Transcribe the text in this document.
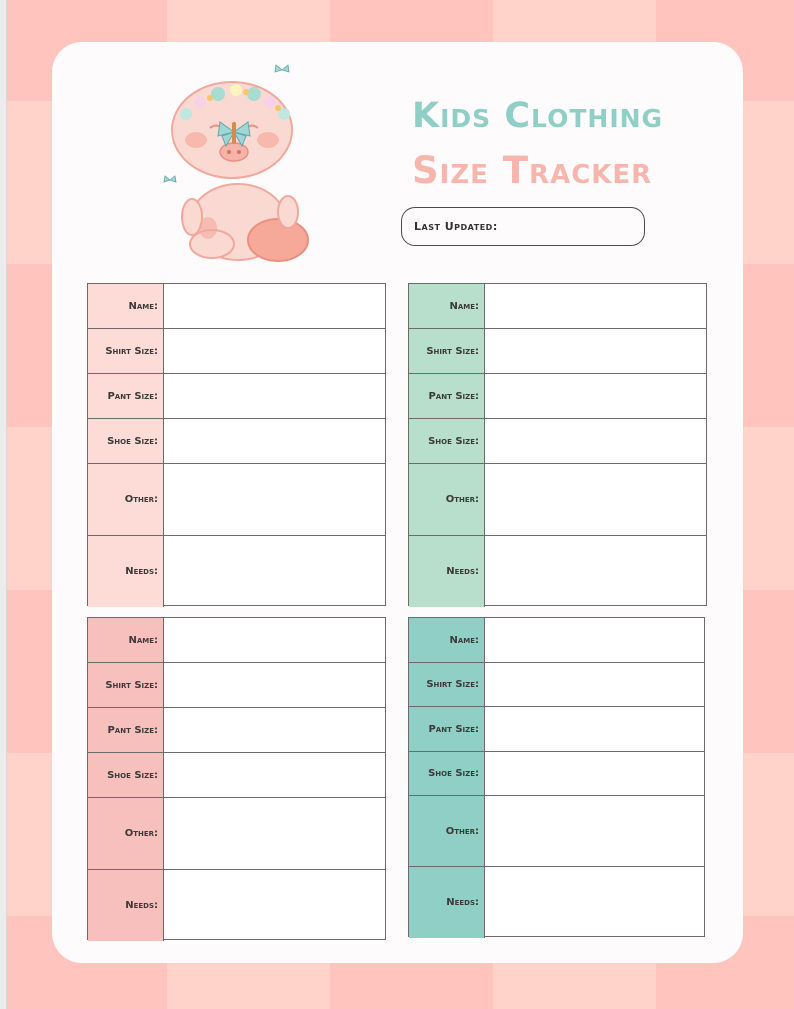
Kids Clothing
Size Tracker
Last Updated:
Name:
Shirt Size:
Pant Size:
Shoe Size:
Other:
Needs:
Name:
Shirt Size:
Pant Size:
Shoe Size:
Other:
Needs:
Name:
Shirt Size:
Pant Size:
Shoe Size:
Other:
Needs:
Name:
Shirt Size:
Pant Size:
Shoe Size:
Other:
Needs:
